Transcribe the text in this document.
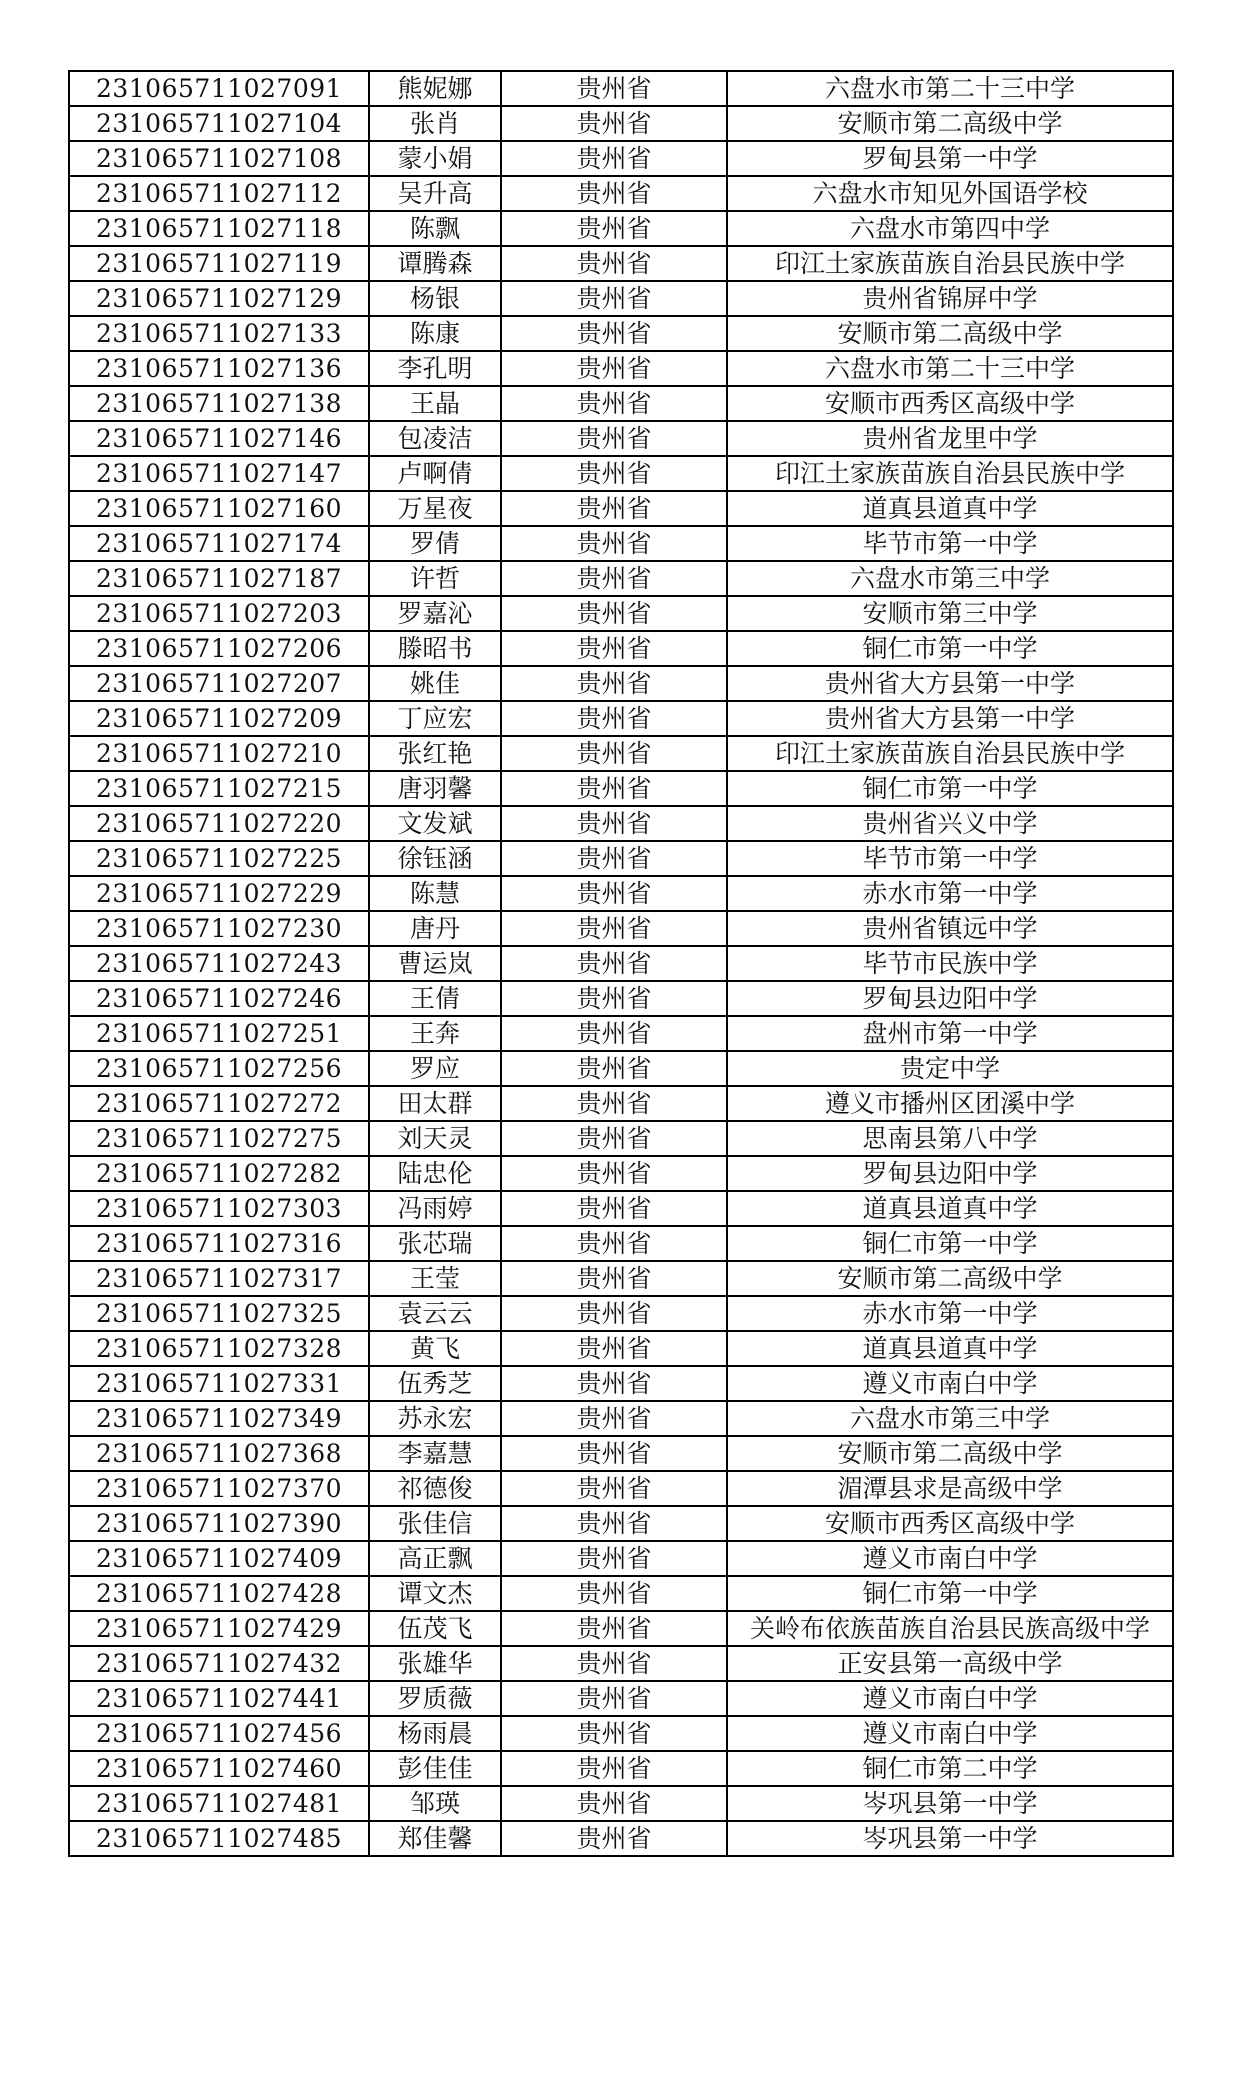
231065711027091	熊妮娜	贵州省	六盘水市第二十三中学
231065711027104	张肖	贵州省	安顺市第二高级中学
231065711027108	蒙小娟	贵州省	罗甸县第一中学
231065711027112	吴升高	贵州省	六盘水市知见外国语学校
231065711027118	陈飘	贵州省	六盘水市第四中学
231065711027119	谭腾森	贵州省	印江土家族苗族自治县民族中学
231065711027129	杨银	贵州省	贵州省锦屏中学
231065711027133	陈康	贵州省	安顺市第二高级中学
231065711027136	李孔明	贵州省	六盘水市第二十三中学
231065711027138	王晶	贵州省	安顺市西秀区高级中学
231065711027146	包凌洁	贵州省	贵州省龙里中学
231065711027147	卢啊倩	贵州省	印江土家族苗族自治县民族中学
231065711027160	万星夜	贵州省	道真县道真中学
231065711027174	罗倩	贵州省	毕节市第一中学
231065711027187	许哲	贵州省	六盘水市第三中学
231065711027203	罗嘉沁	贵州省	安顺市第三中学
231065711027206	滕昭书	贵州省	铜仁市第一中学
231065711027207	姚佳	贵州省	贵州省大方县第一中学
231065711027209	丁应宏	贵州省	贵州省大方县第一中学
231065711027210	张红艳	贵州省	印江土家族苗族自治县民族中学
231065711027215	唐羽馨	贵州省	铜仁市第一中学
231065711027220	文发斌	贵州省	贵州省兴义中学
231065711027225	徐钰涵	贵州省	毕节市第一中学
231065711027229	陈慧	贵州省	赤水市第一中学
231065711027230	唐丹	贵州省	贵州省镇远中学
231065711027243	曹运岚	贵州省	毕节市民族中学
231065711027246	王倩	贵州省	罗甸县边阳中学
231065711027251	王奔	贵州省	盘州市第一中学
231065711027256	罗应	贵州省	贵定中学
231065711027272	田太群	贵州省	遵义市播州区团溪中学
231065711027275	刘天灵	贵州省	思南县第八中学
231065711027282	陆忠伦	贵州省	罗甸县边阳中学
231065711027303	冯雨婷	贵州省	道真县道真中学
231065711027316	张芯瑞	贵州省	铜仁市第一中学
231065711027317	王莹	贵州省	安顺市第二高级中学
231065711027325	袁云云	贵州省	赤水市第一中学
231065711027328	黄飞	贵州省	道真县道真中学
231065711027331	伍秀芝	贵州省	遵义市南白中学
231065711027349	苏永宏	贵州省	六盘水市第三中学
231065711027368	李嘉慧	贵州省	安顺市第二高级中学
231065711027370	祁德俊	贵州省	湄潭县求是高级中学
231065711027390	张佳信	贵州省	安顺市西秀区高级中学
231065711027409	高正飘	贵州省	遵义市南白中学
231065711027428	谭文杰	贵州省	铜仁市第一中学
231065711027429	伍茂飞	贵州省	关岭布依族苗族自治县民族高级中学
231065711027432	张雄华	贵州省	正安县第一高级中学
231065711027441	罗质薇	贵州省	遵义市南白中学
231065711027456	杨雨晨	贵州省	遵义市南白中学
231065711027460	彭佳佳	贵州省	铜仁市第二中学
231065711027481	邹瑛	贵州省	岑巩县第一中学
231065711027485	郑佳馨	贵州省	岑巩县第一中学
